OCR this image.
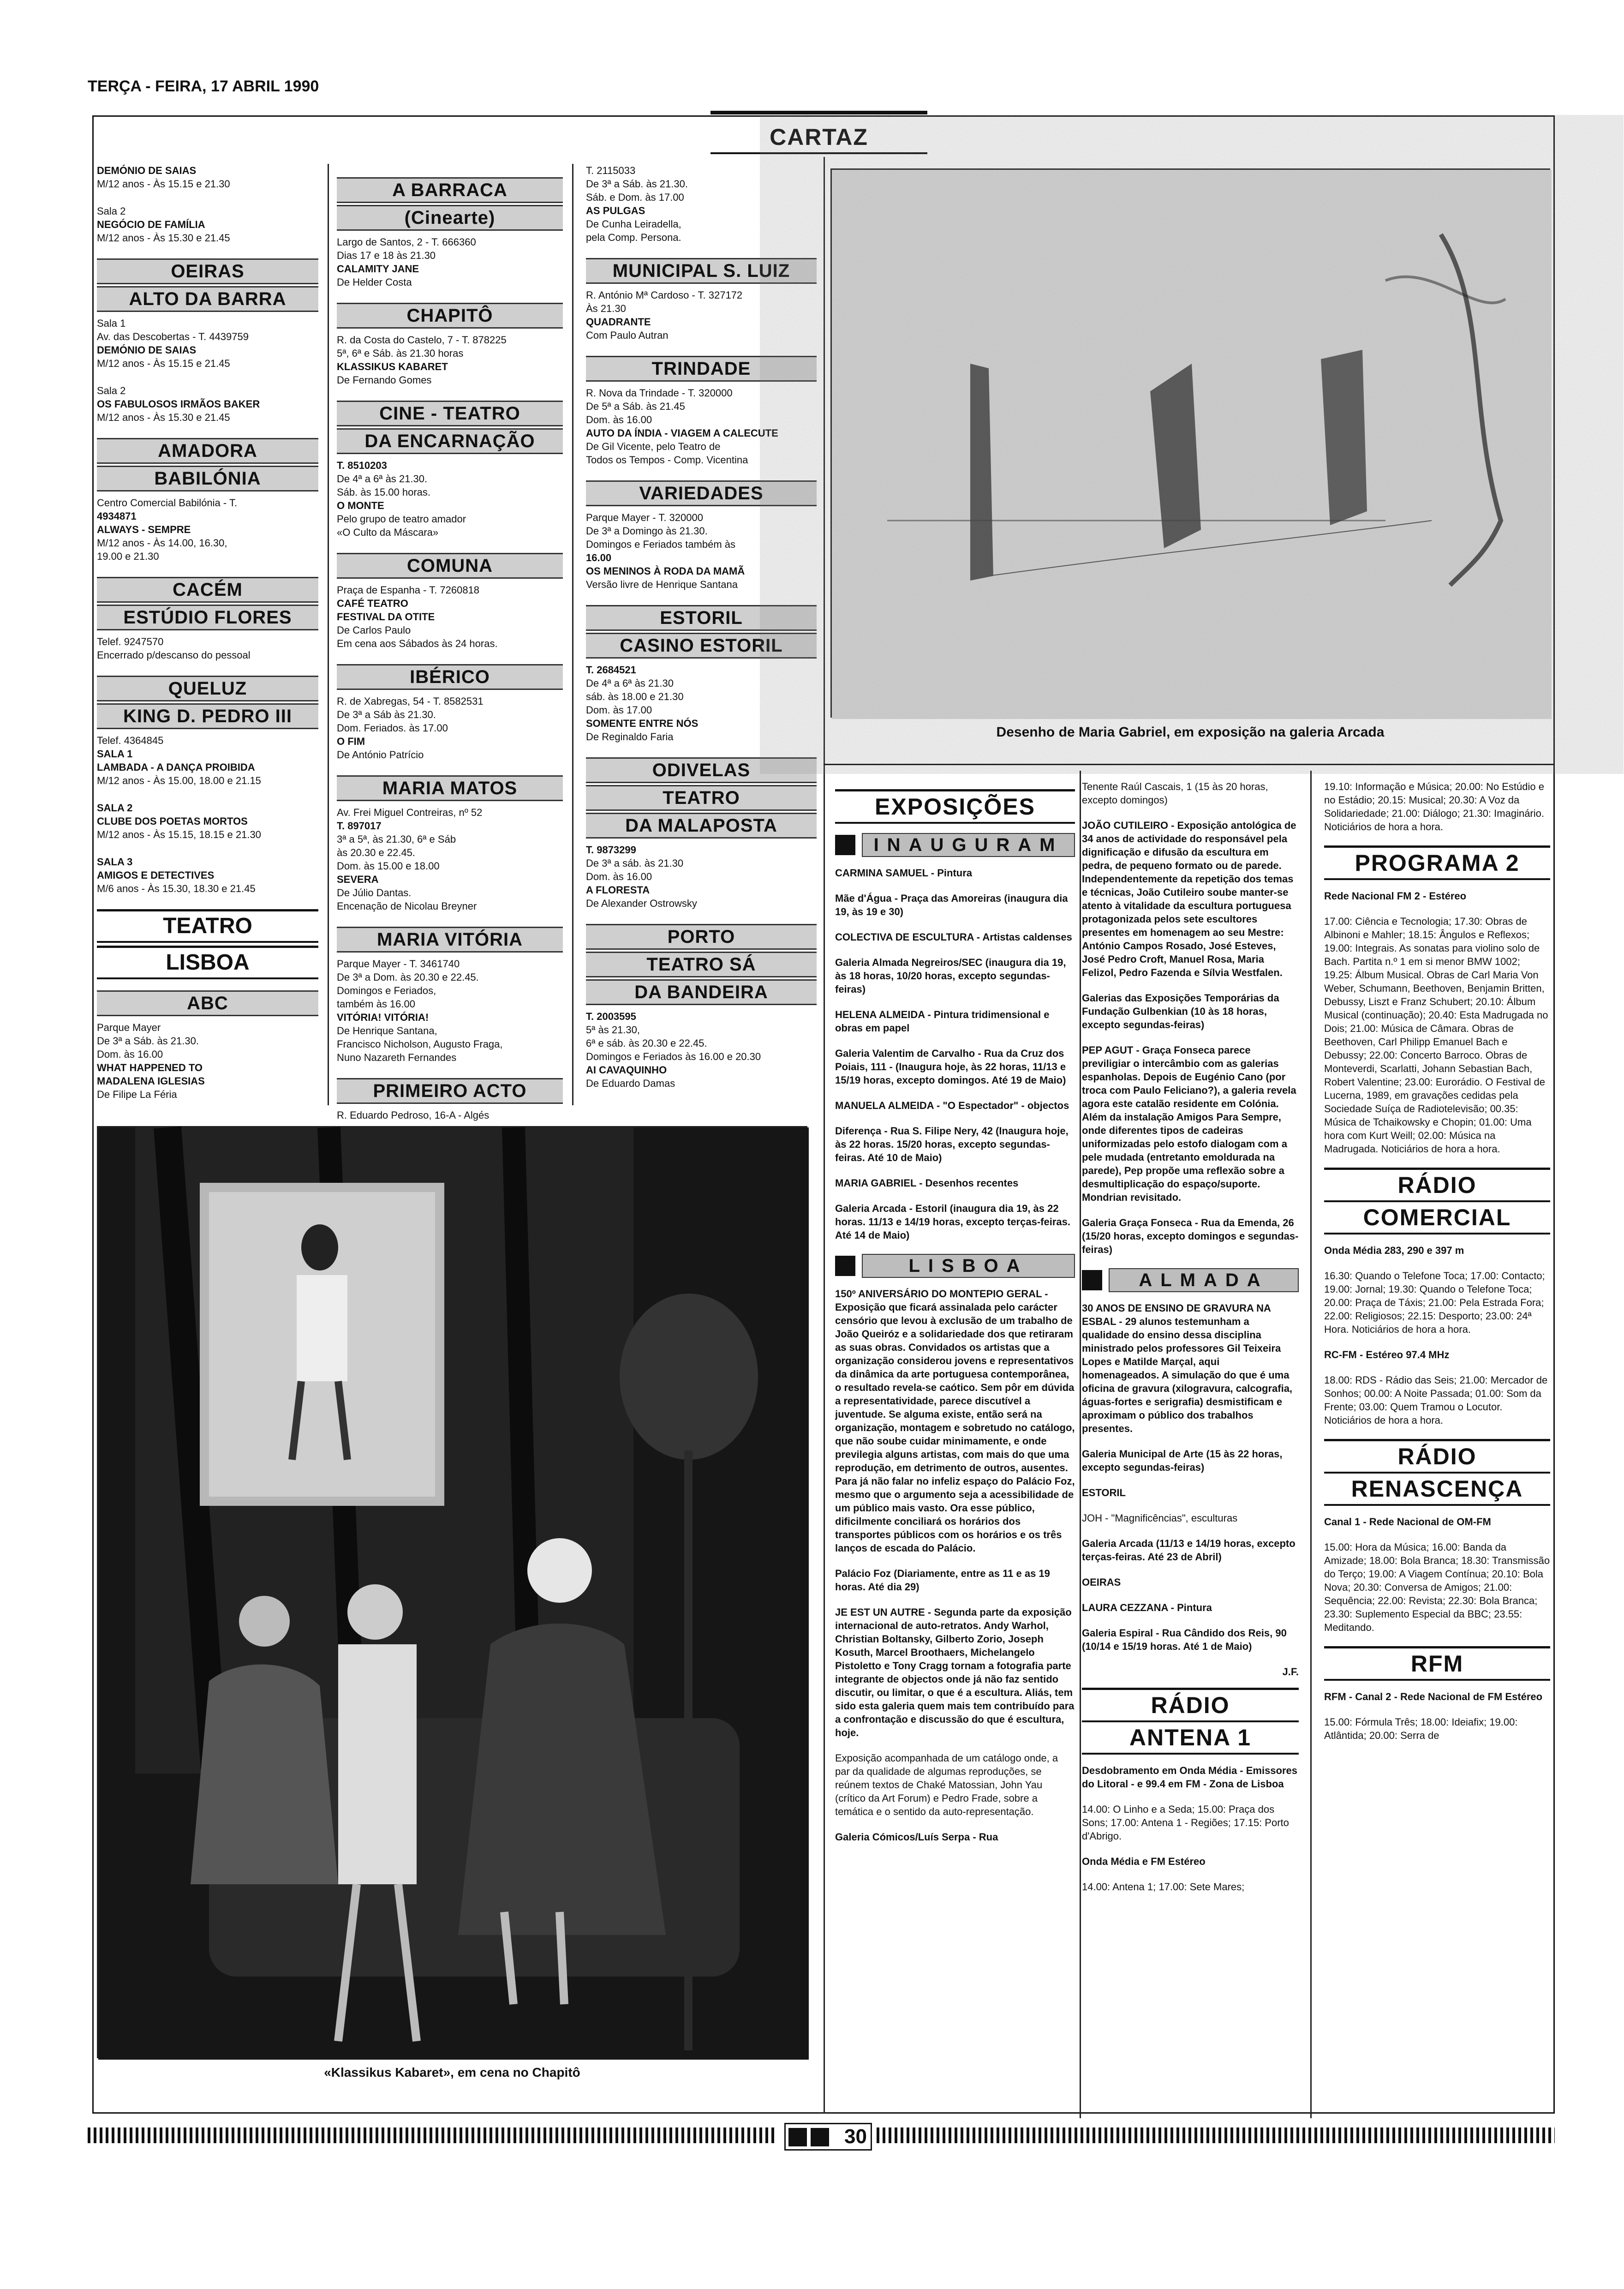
TERÇA - FEIRA, 17 ABRIL 1990
CARTAZ
DEMÓNIO DE SAIAS
M/12 anos - Às 15.15 e 21.30
Sala 2
NEGÓCIO DE FAMÍLIA
M/12 anos - Às 15.30 e 21.45
OEIRAS
ALTO DA BARRA
Sala 1
Av. das Descobertas - T. 4439759
DEMÓNIO DE SAIAS
M/12 anos - Às 15.15 e 21.45
Sala 2
OS FABULOSOS IRMÃOS BAKER
M/12 anos - Às 15.30 e 21.45
AMADORA
BABILÓNIA
Centro Comercial Babilónia - T.
4934871
ALWAYS - SEMPRE
M/12 anos - Às 14.00, 16.30,
19.00 e 21.30
CACÉM
ESTÚDIO FLORES
Telef. 9247570
Encerrado p/descanso do pessoal
QUELUZ
KING D. PEDRO III
Telef. 4364845
SALA 1
LAMBADA - A DANÇA PROIBIDA
M/12 anos - Às 15.00, 18.00 e 21.15
SALA 2
CLUBE DOS POETAS MORTOS
M/12 anos - Às 15.15, 18.15 e 21.30
SALA 3
AMIGOS E DETECTIVES
M/6 anos - Às 15.30, 18.30 e 21.45
TEATRO
LISBOA
ABC
Parque Mayer
De 3ª a Sáb. às 21.30.
Dom. às 16.00
WHAT HAPPENED TO
MADALENA IGLESIAS
De Filipe La Féria
A BARRACA
(Cinearte)
Largo de Santos, 2 - T. 666360
Dias 17 e 18 às 21.30
CALAMITY JANE
De Helder Costa
CHAPITÔ
R. da Costa do Castelo, 7 - T. 878225
5ª, 6ª e Sáb. às 21.30 horas
KLASSIKUS KABARET
De Fernando Gomes
CINE - TEATRO
DA ENCARNAÇÃO
T. 8510203
De 4ª a 6ª às 21.30.
Sáb. às 15.00 horas.
O MONTE
Pelo grupo de teatro amador
«O Culto da Máscara»
COMUNA
Praça de Espanha - T. 7260818
CAFÉ TEATRO
FESTIVAL DA OTITE
De Carlos Paulo
Em cena aos Sábados às 24 horas.
IBÉRICO
R. de Xabregas, 54 - T. 8582531
De 3ª a Sáb às 21.30.
Dom. Feriados. às 17.00
O FIM
De António Patrício
MARIA MATOS
Av. Frei Miguel Contreiras, nº 52
T. 897017
3ª a 5ª, às 21.30, 6ª e Sáb
às 20.30 e 22.45.
Dom. às 15.00 e 18.00
SEVERA
De Júlio Dantas.
Encenação de Nicolau Breyner
MARIA VITÓRIA
Parque Mayer - T. 3461740
De 3ª a Dom. às 20.30 e 22.45.
Domingos e Feriados,
também às 16.00
VITÓRIA! VITÓRIA!
De Henrique Santana,
Francisco Nicholson, Augusto Fraga,
Nuno Nazareth Fernandes
PRIMEIRO ACTO
R. Eduardo Pedroso, 16-A - Algés
T. 2115033
De 3ª a Sáb. às 21.30.
Sáb. e Dom. às 17.00
AS PULGAS
De Cunha Leiradella,
pela Comp. Persona.
MUNICIPAL S. LUIZ
R. António Mª Cardoso - T. 327172
Às 21.30
QUADRANTE
Com Paulo Autran
TRINDADE
R. Nova da Trindade - T. 320000
De 5ª a Sáb. às 21.45
Dom. às 16.00
AUTO DA ÍNDIA - VIAGEM A CALECUTE
De Gil Vicente, pelo Teatro de
Todos os Tempos - Comp. Vicentina
VARIEDADES
Parque Mayer - T. 320000
De 3ª a Domingo às 21.30.
Domingos e Feriados também às
16.00
OS MENINOS À RODA DA MAMÃ
Versão livre de Henrique Santana
ESTORIL
CASINO ESTORIL
T. 2684521
De 4ª a 6ª às 21.30
sáb. às 18.00 e 21.30
Dom. às 17.00
SOMENTE ENTRE NÓS
De Reginaldo Faria
ODIVELAS
TEATRO
DA MALAPOSTA
T. 9873299
De 3ª a sáb. às 21.30
Dom. às 16.00
A FLORESTA
De Alexander Ostrowsky
PORTO
TEATRO SÁ
DA BANDEIRA
T. 2003595
5ª às 21.30,
6ª e sáb. às 20.30 e 22.45.
Domingos e Feriados às 16.00 e 20.30
AI CAVAQUINHO
De Eduardo Damas
Desenho de Maria Gabriel, em exposição na galeria Arcada
«Klassikus Kabaret», em cena no Chapitô
EXPOSIÇÕES
INAUGURAM

CARMINA SAMUEL - Pintura

Mãe d'Água - Praça das Amoreiras (inaugura dia 19, às 19 e 30)

COLECTIVA DE ESCULTURA - Artistas caldenses

Galeria Almada Negreiros/SEC (inaugura dia 19, às 18 horas, 10/20 horas, excepto segundas-feiras)

HELENA ALMEIDA - Pintura tridimensional e obras em papel

Galeria Valentim de Carvalho - Rua da Cruz dos Poiais, 111 - (Inaugura hoje, às 22 horas, 11/13 e 15/19 horas, excepto domingos. Até 19 de Maio)

MANUELA ALMEIDA - "O Espectador" - objectos

Diferença - Rua S. Filipe Nery, 42 (Inaugura hoje, às 22 horas. 15/20 horas, excepto segundas-feiras. Até 10 de Maio)

MARIA GABRIEL - Desenhos recentes

Galeria Arcada - Estoril (inaugura dia 19, às 22 horas. 11/13 e 14/19 horas, excepto terças-feiras. Até 14 de Maio)

LISBOA

150º ANIVERSÁRIO DO MONTEPIO GERAL - Exposição que ficará assinalada pelo carácter censório que levou à exclusão de um trabalho de João Queiróz e a solidariedade dos que retiraram as suas obras. Convidados os artistas que a organização considerou jovens e representativos da dinâmica da arte portuguesa contemporânea, o resultado revela-se caótico. Sem pôr em dúvida a representatividade, parece discutível a juventude. Se alguma existe, então será na organização, montagem e sobretudo no catálogo, que não soube cuidar minimamente, e onde previlegia alguns artistas, com mais do que uma reprodução, em detrimento de outros, ausentes. Para já não falar no infeliz espaço do Palácio Foz, mesmo que o argumento seja a acessibilidade de um público mais vasto. Ora esse público, dificilmente conciliará os horários dos transportes públicos com os horários e os três lanços de escada do Palácio.

Palácio Foz (Diariamente, entre as 11 e as 19 horas. Até dia 29)

JE EST UN AUTRE - Segunda parte da exposição internacional de auto-retratos. Andy Warhol, Christian Boltansky, Gilberto Zorio, Joseph Kosuth, Marcel Broothaers, Michelangelo Pistoletto e Tony Cragg tornam a fotografia parte integrante de objectos onde já não faz sentido discutir, ou limitar, o que é a escultura. Aliás, tem sido esta galeria quem mais tem contribuído para a confrontação e discussão do que é escultura, hoje.

Exposição acompanhada de um catálogo onde, a par da qualidade de algumas reproduções, se reúnem textos de Chaké Matossian, John Yau (crítico da Art Forum) e Pedro Frade, sobre a temática e o sentido da auto-representação.

Galeria Cómicos/Luís Serpa - Rua

Tenente Raúl Cascais, 1 (15 às 20 horas, excepto domingos)

JOÃO CUTILEIRO - Exposição antológica de 34 anos de actividade do responsável pela dignificação e difusão da escultura em pedra, de pequeno formato ou de parede. Independentemente da repetição dos temas e técnicas, João Cutileiro soube manter-se atento à vitalidade da escultura portuguesa protagonizada pelos sete escultores presentes em homenagem ao seu Mestre: António Campos Rosado, José Esteves, José Pedro Croft, Manuel Rosa, Maria Felizol, Pedro Fazenda e Sílvia Westfalen.

Galerias das Exposições Temporárias da Fundação Gulbenkian (10 às 18 horas, excepto segundas-feiras)

PEP AGUT - Graça Fonseca parece previligiar o intercâmbio com as galerias espanholas. Depois de Eugénio Cano (por troca com Paulo Feliciano?), a galeria revela agora este catalão residente em Colónia. Além da instalação Amigos Para Sempre, onde diferentes tipos de cadeiras uniformizadas pelo estofo dialogam com a pele mudada (entretanto emoldurada na parede), Pep propõe uma reflexão sobre a desmultiplicação do espaço/suporte. Mondrian revisitado.

Galeria Graça Fonseca - Rua da Emenda, 26 (15/20 horas, excepto domingos e segundas-feiras)

ALMADA

30 ANOS DE ENSINO DE GRAVURA NA ESBAL - 29 alunos testemunham a qualidade do ensino dessa disciplina ministrado pelos professores Gil Teixeira Lopes e Matilde Marçal, aqui homenageados. A simulação do que é uma oficina de gravura (xilogravura, calcografia, águas-fortes e serigrafia) desmistificam e aproximam o público dos trabalhos presentes.

Galeria Municipal de Arte (15 às 22 horas, excepto segundas-feiras)

ESTORIL

JOH - "Magnificências", esculturas

Galeria Arcada (11/13 e 14/19 horas, excepto terças-feiras. Até 23 de Abril)

OEIRAS

LAURA CEZZANA - Pintura

Galeria Espiral - Rua Cândido dos Reis, 90 (10/14 e 15/19 horas. Até 1 de Maio)

J.F.
RÁDIO
ANTENA 1

Desdobramento em Onda Média - Emissores do Litoral - e 99.4 em FM - Zona de Lisboa

14.00: O Linho e a Seda; 15.00: Praça dos Sons; 17.00: Antena 1 - Regiões; 17.15: Porto d'Abrigo.

Onda Média e FM Estéreo

14.00: Antena 1; 17.00: Sete Mares;

19.10: Informação e Música; 20.00: No Estúdio e no Estádio; 20.15: Musical; 20.30: A Voz da Solidariedade; 21.00: Diálogo; 21.30: Imaginário. Noticiários de hora a hora.

PROGRAMA 2

Rede Nacional FM 2 - Estéreo

17.00: Ciência e Tecnologia; 17.30: Obras de Albinoni e Mahler; 18.15: Ângulos e Reflexos; 19.00: Integrais. As sonatas para violino solo de Bach. Partita n.º 1 em si menor BMW 1002; 19.25: Álbum Musical. Obras de Carl Maria Von Weber, Schumann, Beethoven, Benjamin Britten, Debussy, Liszt e Franz Schubert; 20.10: Álbum Musical (continuação); 20.40: Esta Madrugada no Dois; 21.00: Música de Câmara. Obras de Beethoven, Carl Philipp Emanuel Bach e Debussy; 22.00: Concerto Barroco. Obras de Monteverdi, Scarlatti, Johann Sebastian Bach, Robert Valentine; 23.00: Eurorádio. O Festival de Lucerna, 1989, em gravações cedidas pela Sociedade Suíça de Radiotelevisão; 00.35: Música de Tchaikowsky e Chopin; 01.00: Uma hora com Kurt Weill; 02.00: Música na Madrugada. Noticiários de hora a hora.

RÁDIO
COMERCIAL

Onda Média 283, 290 e 397 m

16.30: Quando o Telefone Toca; 17.00: Contacto; 19.00: Jornal; 19.30: Quando o Telefone Toca; 20.00: Praça de Táxis; 21.00: Pela Estrada Fora; 22.00: Religiosos; 22.15: Desporto; 23.00: 24ª Hora. Noticiários de hora a hora.

RC-FM - Estéreo 97.4 MHz

18.00: RDS - Rádio das Seis; 21.00: Mercador de Sonhos; 00.00: A Noite Passada; 01.00: Som da Frente; 03.00: Quem Tramou o Locutor. Noticiários de hora a hora.

RÁDIO
RENASCENÇA

Canal 1 - Rede Nacional de OM-FM

15.00: Hora da Música; 16.00: Banda da Amizade; 18.00: Bola Branca; 18.30: Transmissão do Terço; 19.00: A Viagem Contínua; 20.10: Bola Nova; 20.30: Conversa de Amigos; 21.00: Sequência; 22.00: Revista; 22.30: Bola Branca; 23.30: Suplemento Especial da BBC; 23.55: Meditando.

RFM

RFM - Canal 2 - Rede Nacional de FM Estéreo

15.00: Fórmula Três; 18.00: Ideiafix; 19.00: Atlântida; 20.00: Serra de

30
